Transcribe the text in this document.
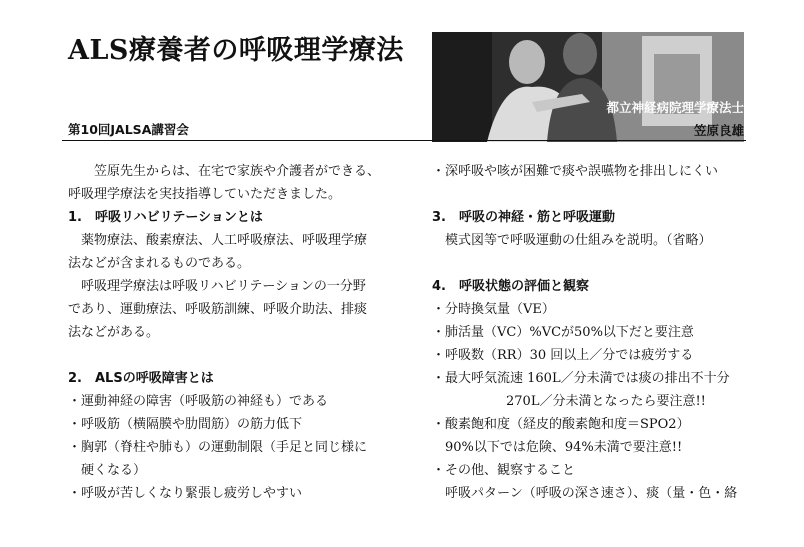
ALS療養者の呼吸理学療法
都立神経病院理学療法士
笠原良雄
第10回JALSA講習会
笠原先生からは、在宅で家族や介護者ができる、
呼吸理学療法を実技指導していただきました。
1.　呼吸リハビリテーションとは
薬物療法、酸素療法、人工呼吸療法、呼吸理学療
法などが含まれるものである。
呼吸理学療法は呼吸リハビリテーションの一分野
であり、運動療法、呼吸筋訓練、呼吸介助法、排痰
法などがある。
2.　ALSの呼吸障害とは
・運動神経の障害（呼吸筋の神経も）である
・呼吸筋（横隔膜や肋間筋）の筋力低下
・胸郭（脊柱や肺も）の運動制限（手足と同じ様に
硬くなる）
・呼吸が苦しくなり緊張し疲労しやすい
・深呼吸や咳が困難で痰や誤嚥物を排出しにくい
3.　呼吸の神経・筋と呼吸運動
模式図等で呼吸運動の仕組みを説明。（省略）
4.　呼吸状態の評価と観察
・分時換気量（VE）
・肺活量（VC）%VCが50%以下だと要注意
・呼吸数（RR）30 回以上／分では疲労する
・最大呼気流速 160L／分未満では痰の排出不十分
270L／分未満となったら要注意!!
・酸素飽和度（経皮的酸素飽和度＝SPO2）
90%以下では危険、94%未満で要注意!!
・その他、観察すること
呼吸パターン（呼吸の深さ速さ）、痰（量・色・絡
